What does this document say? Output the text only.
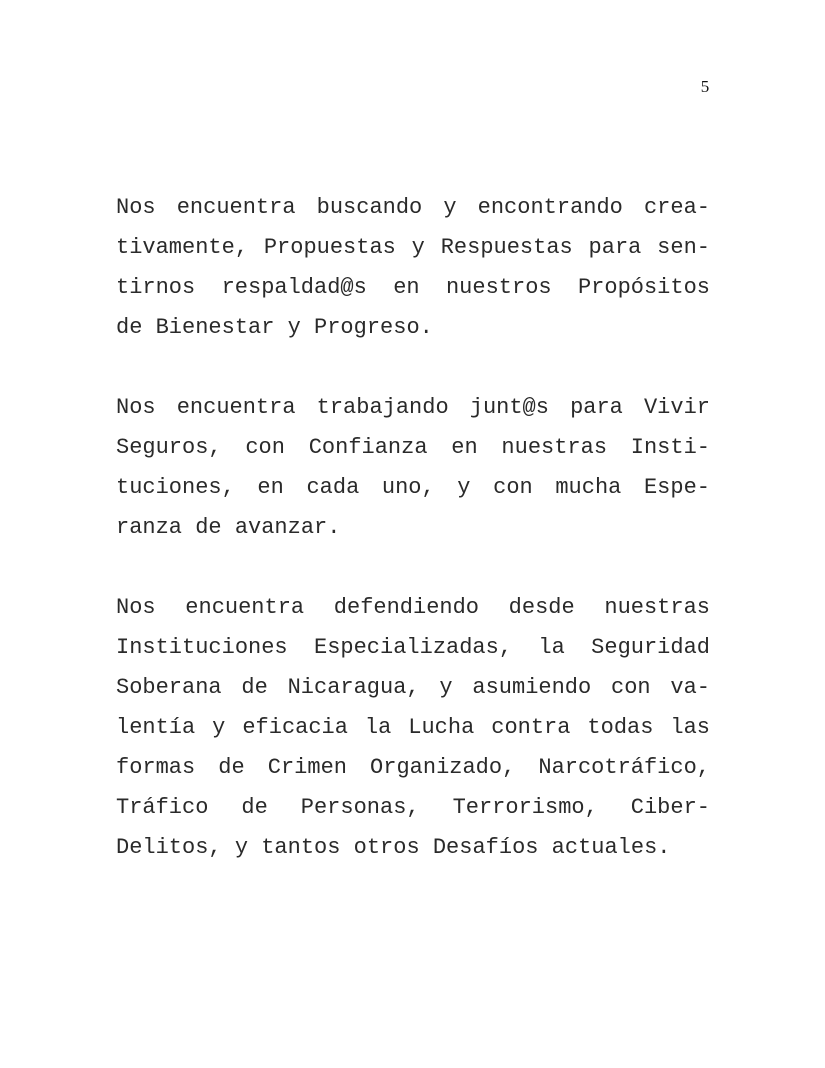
5
Nos encuentra buscando y encontrando crea-
tivamente, Propuestas y Respuestas para sen-
tirnos respaldad@s en nuestros Propósitos
de Bienestar y Progreso.
Nos encuentra trabajando junt@s para Vivir
Seguros, con Confianza en nuestras Insti-
tuciones, en cada uno, y con mucha Espe-
ranza de avanzar.
Nos encuentra defendiendo desde nuestras
Instituciones Especializadas, la Seguridad
Soberana de Nicaragua, y asumiendo con va-
lentía y eficacia la Lucha contra todas las
formas de Crimen Organizado, Narcotráfico,
Tráfico de Personas, Terrorismo, Ciber-
Delitos, y tantos otros Desafíos actuales.
